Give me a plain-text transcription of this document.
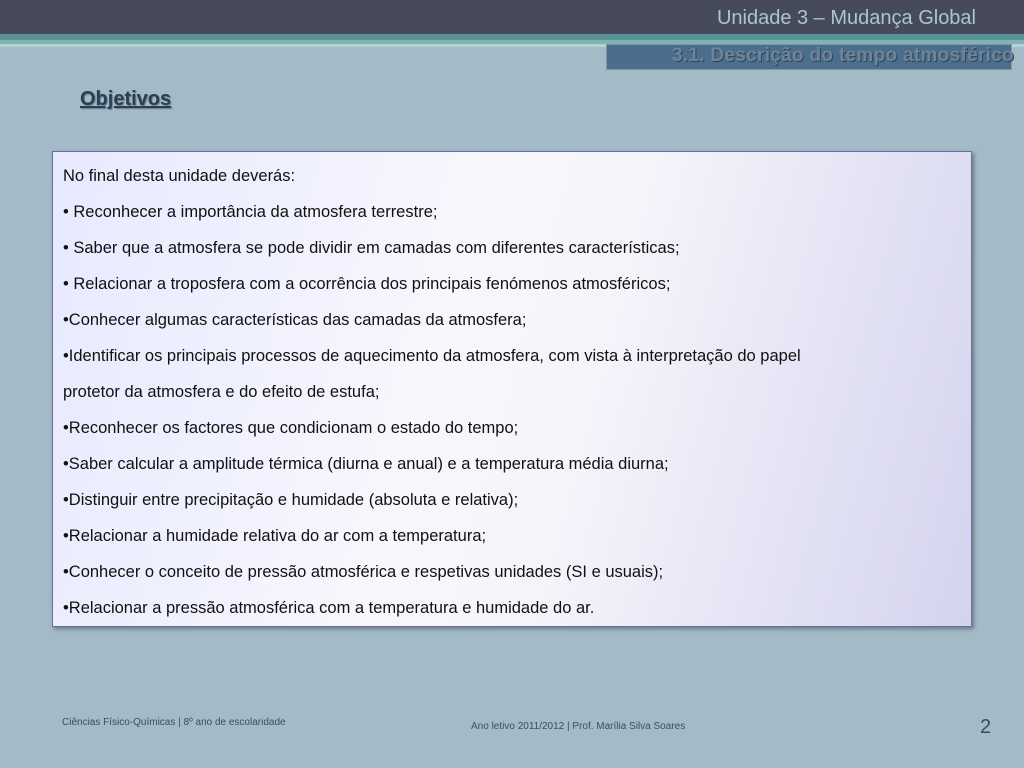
Unidade 3 – Mudança Global
3.1. Descrição do tempo atmosférico
Objetivos
No final desta unidade deverás:
• Reconhecer a importância da atmosfera terrestre;
• Saber que a atmosfera se pode dividir em camadas com diferentes características;
• Relacionar a troposfera com a ocorrência dos principais fenómenos atmosféricos;
•Conhecer algumas características das camadas da atmosfera;
•Identificar os principais processos de aquecimento da atmosfera, com vista à interpretação do papel
protetor da atmosfera e do efeito de estufa;
•Reconhecer os factores que condicionam o estado do tempo;
•Saber calcular a amplitude térmica (diurna e anual) e a temperatura média diurna;
•Distinguir entre precipitação e humidade (absoluta e relativa);
•Relacionar a humidade relativa do ar com a temperatura;
•Conhecer o conceito de pressão atmosférica e respetivas unidades (SI e usuais);
•Relacionar a pressão atmosférica com a temperatura e humidade do ar.
Ciências Físico-Químicas | 8º ano de escolaridade	Ano letivo 2011/2012 | Prof. Marília Silva Soares	2
